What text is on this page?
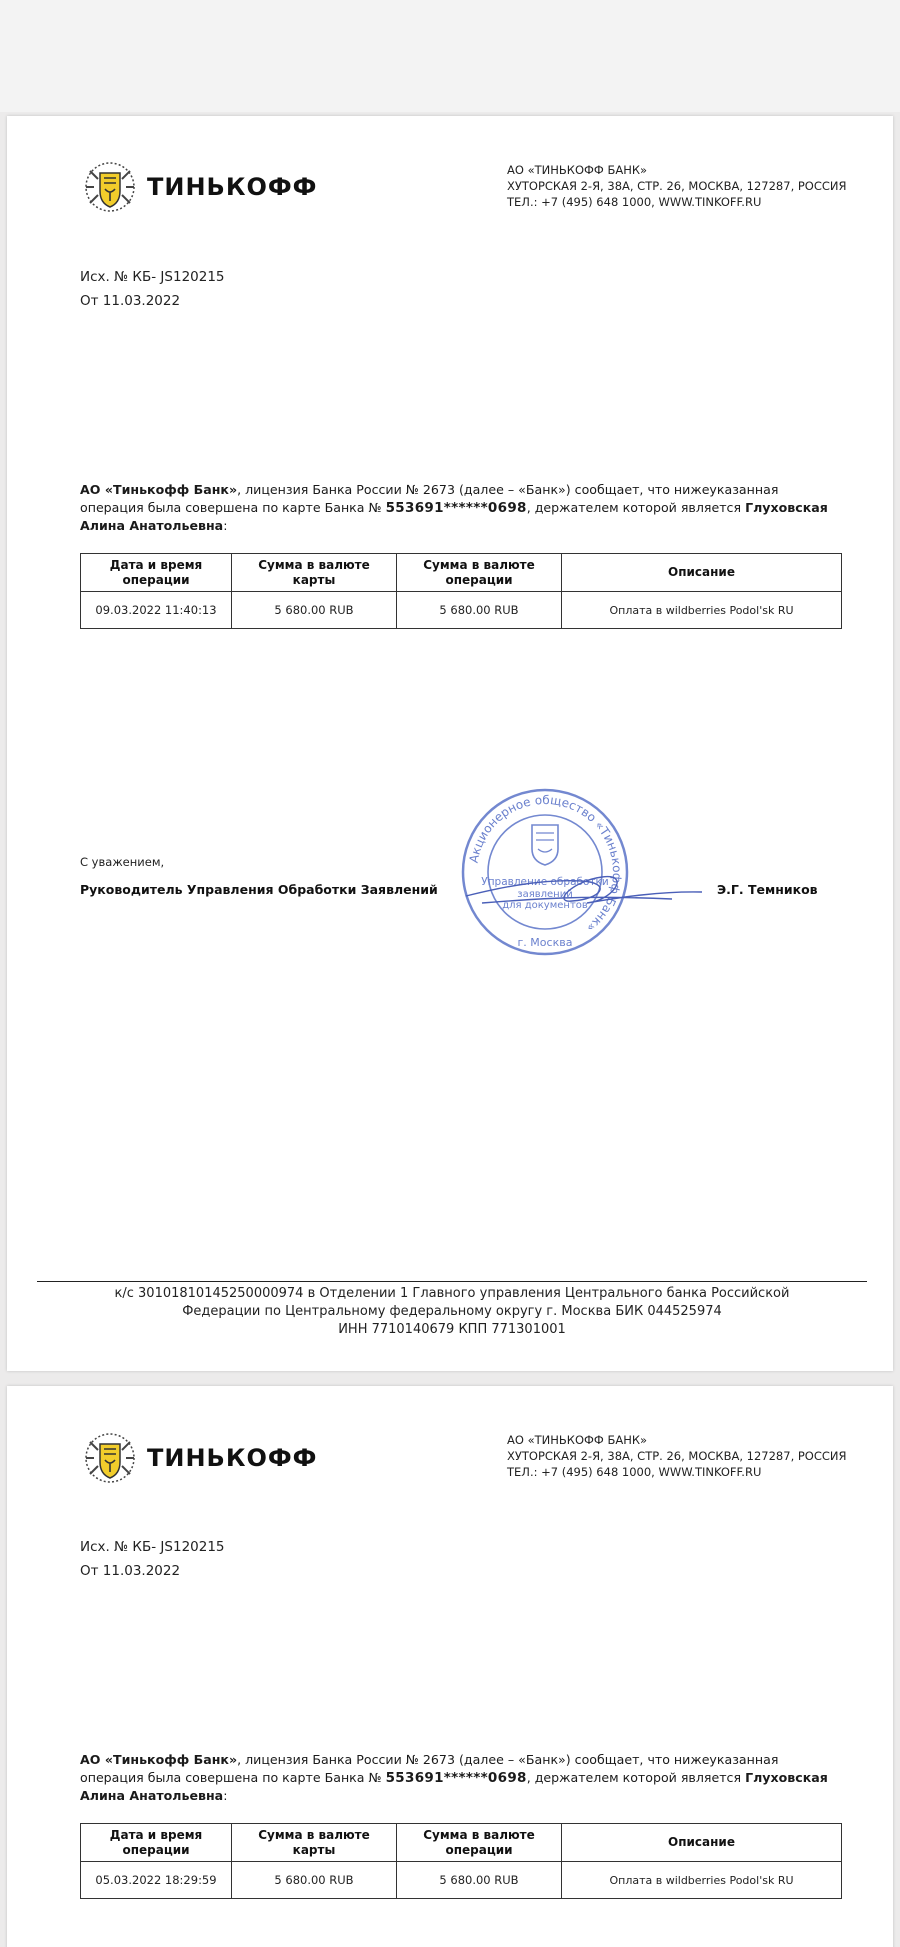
ТИНЬКОФФ
АО «ТИНЬКОФФ БАНК»
ХУТОРСКАЯ 2-Я, 38А, СТР. 26, МОСКВА, 127287, РОССИЯ
ТЕЛ.: +7 (495) 648 1000, WWW.TINKOFF.RU
Исх. № КБ- JS120215
От 11.03.2022
АО «Тинькофф Банк», лицензия Банка России № 2673 (далее – «Банк») сообщает, что нижеуказанная операция была совершена по карте Банка № 553691******0698, держателем которой является Глуховская Алина Анатольевна:
Дата и время операции	Сумма в валюте карты	Сумма в валюте операции	Описание
09.03.2022 11:40:13	5 680.00 RUB	5 680.00 RUB	Оплата в wildberries Podol'sk RU
С уважением,
Руководитель Управления Обработки Заявлений
Акционерное общество «Тинькофф Банк»
Управление обработки
заявлений
для документов
г. Москва
Э.Г. Темников
к/с 30101810145250000974 в Отделении 1 Главного управления Центрального банка Российской
Федерации по Центральному федеральному округу г. Москва БИК 044525974
ИНН 7710140679 КПП 771301001
ТИНЬКОФФ
АО «ТИНЬКОФФ БАНК»
ХУТОРСКАЯ 2-Я, 38А, СТР. 26, МОСКВА, 127287, РОССИЯ
ТЕЛ.: +7 (495) 648 1000, WWW.TINKOFF.RU
Исх. № КБ- JS120215
От 11.03.2022
АО «Тинькофф Банк», лицензия Банка России № 2673 (далее – «Банк») сообщает, что нижеуказанная операция была совершена по карте Банка № 553691******0698, держателем которой является Глуховская Алина Анатольевна:
Дата и время операции	Сумма в валюте карты	Сумма в валюте операции	Описание
05.03.2022 18:29:59	5 680.00 RUB	5 680.00 RUB	Оплата в wildberries Podol'sk RU
